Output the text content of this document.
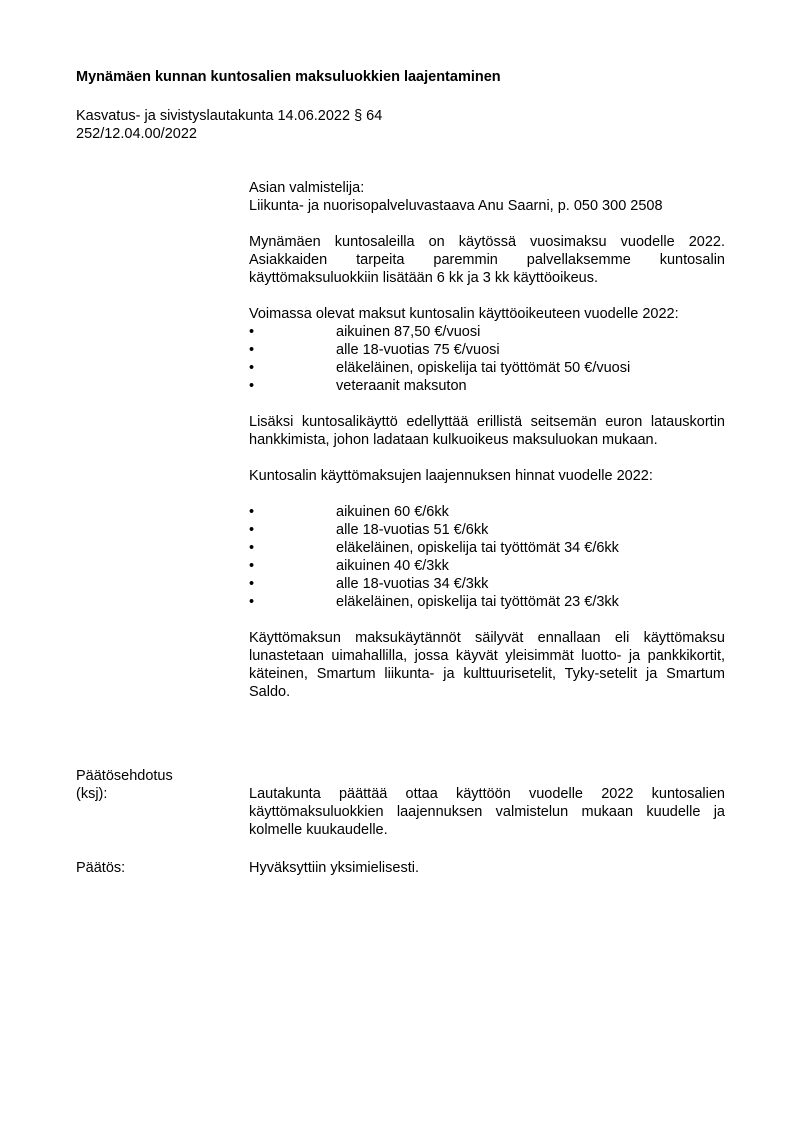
Mynämäen kunnan kuntosalien maksuluokkien laajentaminen
Kasvatus- ja sivistyslautakunta 14.06.2022 § 64
252/12.04.00/2022

Asian valmistelija:

Liikunta- ja nuorisopalveluvastaava Anu Saarni, p. 050 300 2508

Mynämäen kuntosaleilla on käytössä vuosimaksu vuodelle 2022. Asiakkaiden tarpeita paremmin palvellaksemme kuntosalin käyttömaksuluokkiin lisätään 6 kk ja 3 kk käyttöoikeus.

Voimassa olevat maksut kuntosalin käyttöoikeuteen vuodelle 2022:

•	aikuinen 87,50 €/vuosi
•	alle 18-vuotias 75 €/vuosi
•	eläkeläinen, opiskelija tai työttömät 50 €/vuosi
•	veteraanit maksuton

Lisäksi kuntosalikäyttö edellyttää erillistä seitsemän euron latauskortin hankkimista, johon ladataan kulkuoikeus maksuluokan mukaan.

Kuntosalin käyttömaksujen laajennuksen hinnat vuodelle 2022:

•	aikuinen 60 €/6kk
•	alle 18-vuotias 51 €/6kk
•	eläkeläinen, opiskelija tai työttömät 34 €/6kk
•	aikuinen 40 €/3kk
•	alle 18-vuotias 34 €/3kk
•	eläkeläinen, opiskelija tai työttömät 23 €/3kk

Käyttömaksun maksukäytännöt säilyvät ennallaan eli käyttömaksu lunastetaan uimahallilla, jossa käyvät yleisimmät luotto- ja pankkikortit, käteinen, Smartum liikunta- ja kulttuurisetelit, Tyky-setelit ja Smartum Saldo.

Päätösehdotus
(ksj):	Lautakunta päättää ottaa käyttöön vuodelle 2022 kuntosalien käyttömaksuluokkien laajennuksen valmistelun mukaan kuudelle ja kolmelle kuukaudelle.
Päätös:	Hyväksyttiin yksimielisesti.
